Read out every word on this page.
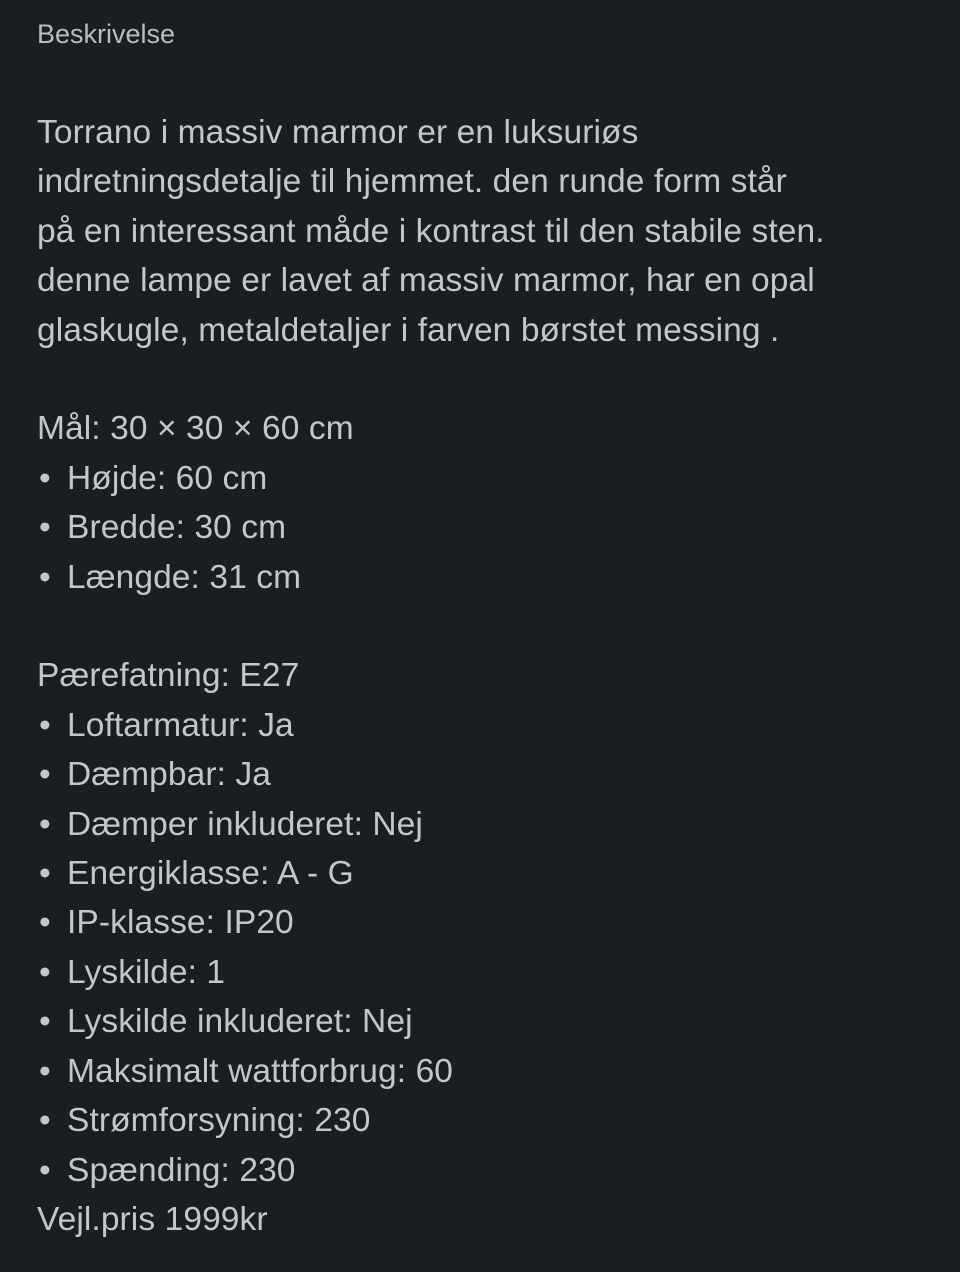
Beskrivelse
Torrano i massiv marmor er en luksuriøs
indretningsdetalje til hjemmet. den runde form står
på en interessant måde i kontrast til den stabile sten.
denne lampe er lavet af massiv marmor, har en opal
glaskugle, metaldetaljer i farven børstet messing .
Mål: 30 × 30 × 60 cm
• Højde: 60 cm
• Bredde: 30 cm
• Længde: 31 cm
Pærefatning: E27
• Loftarmatur: Ja
• Dæmpbar: Ja
• Dæmper inkluderet: Nej
• Energiklasse: A - G
• IP-klasse: IP20
• Lyskilde: 1
• Lyskilde inkluderet: Nej
• Maksimalt wattforbrug: 60
• Strømforsyning: 230
• Spænding: 230
Vejl.pris 1999kr
